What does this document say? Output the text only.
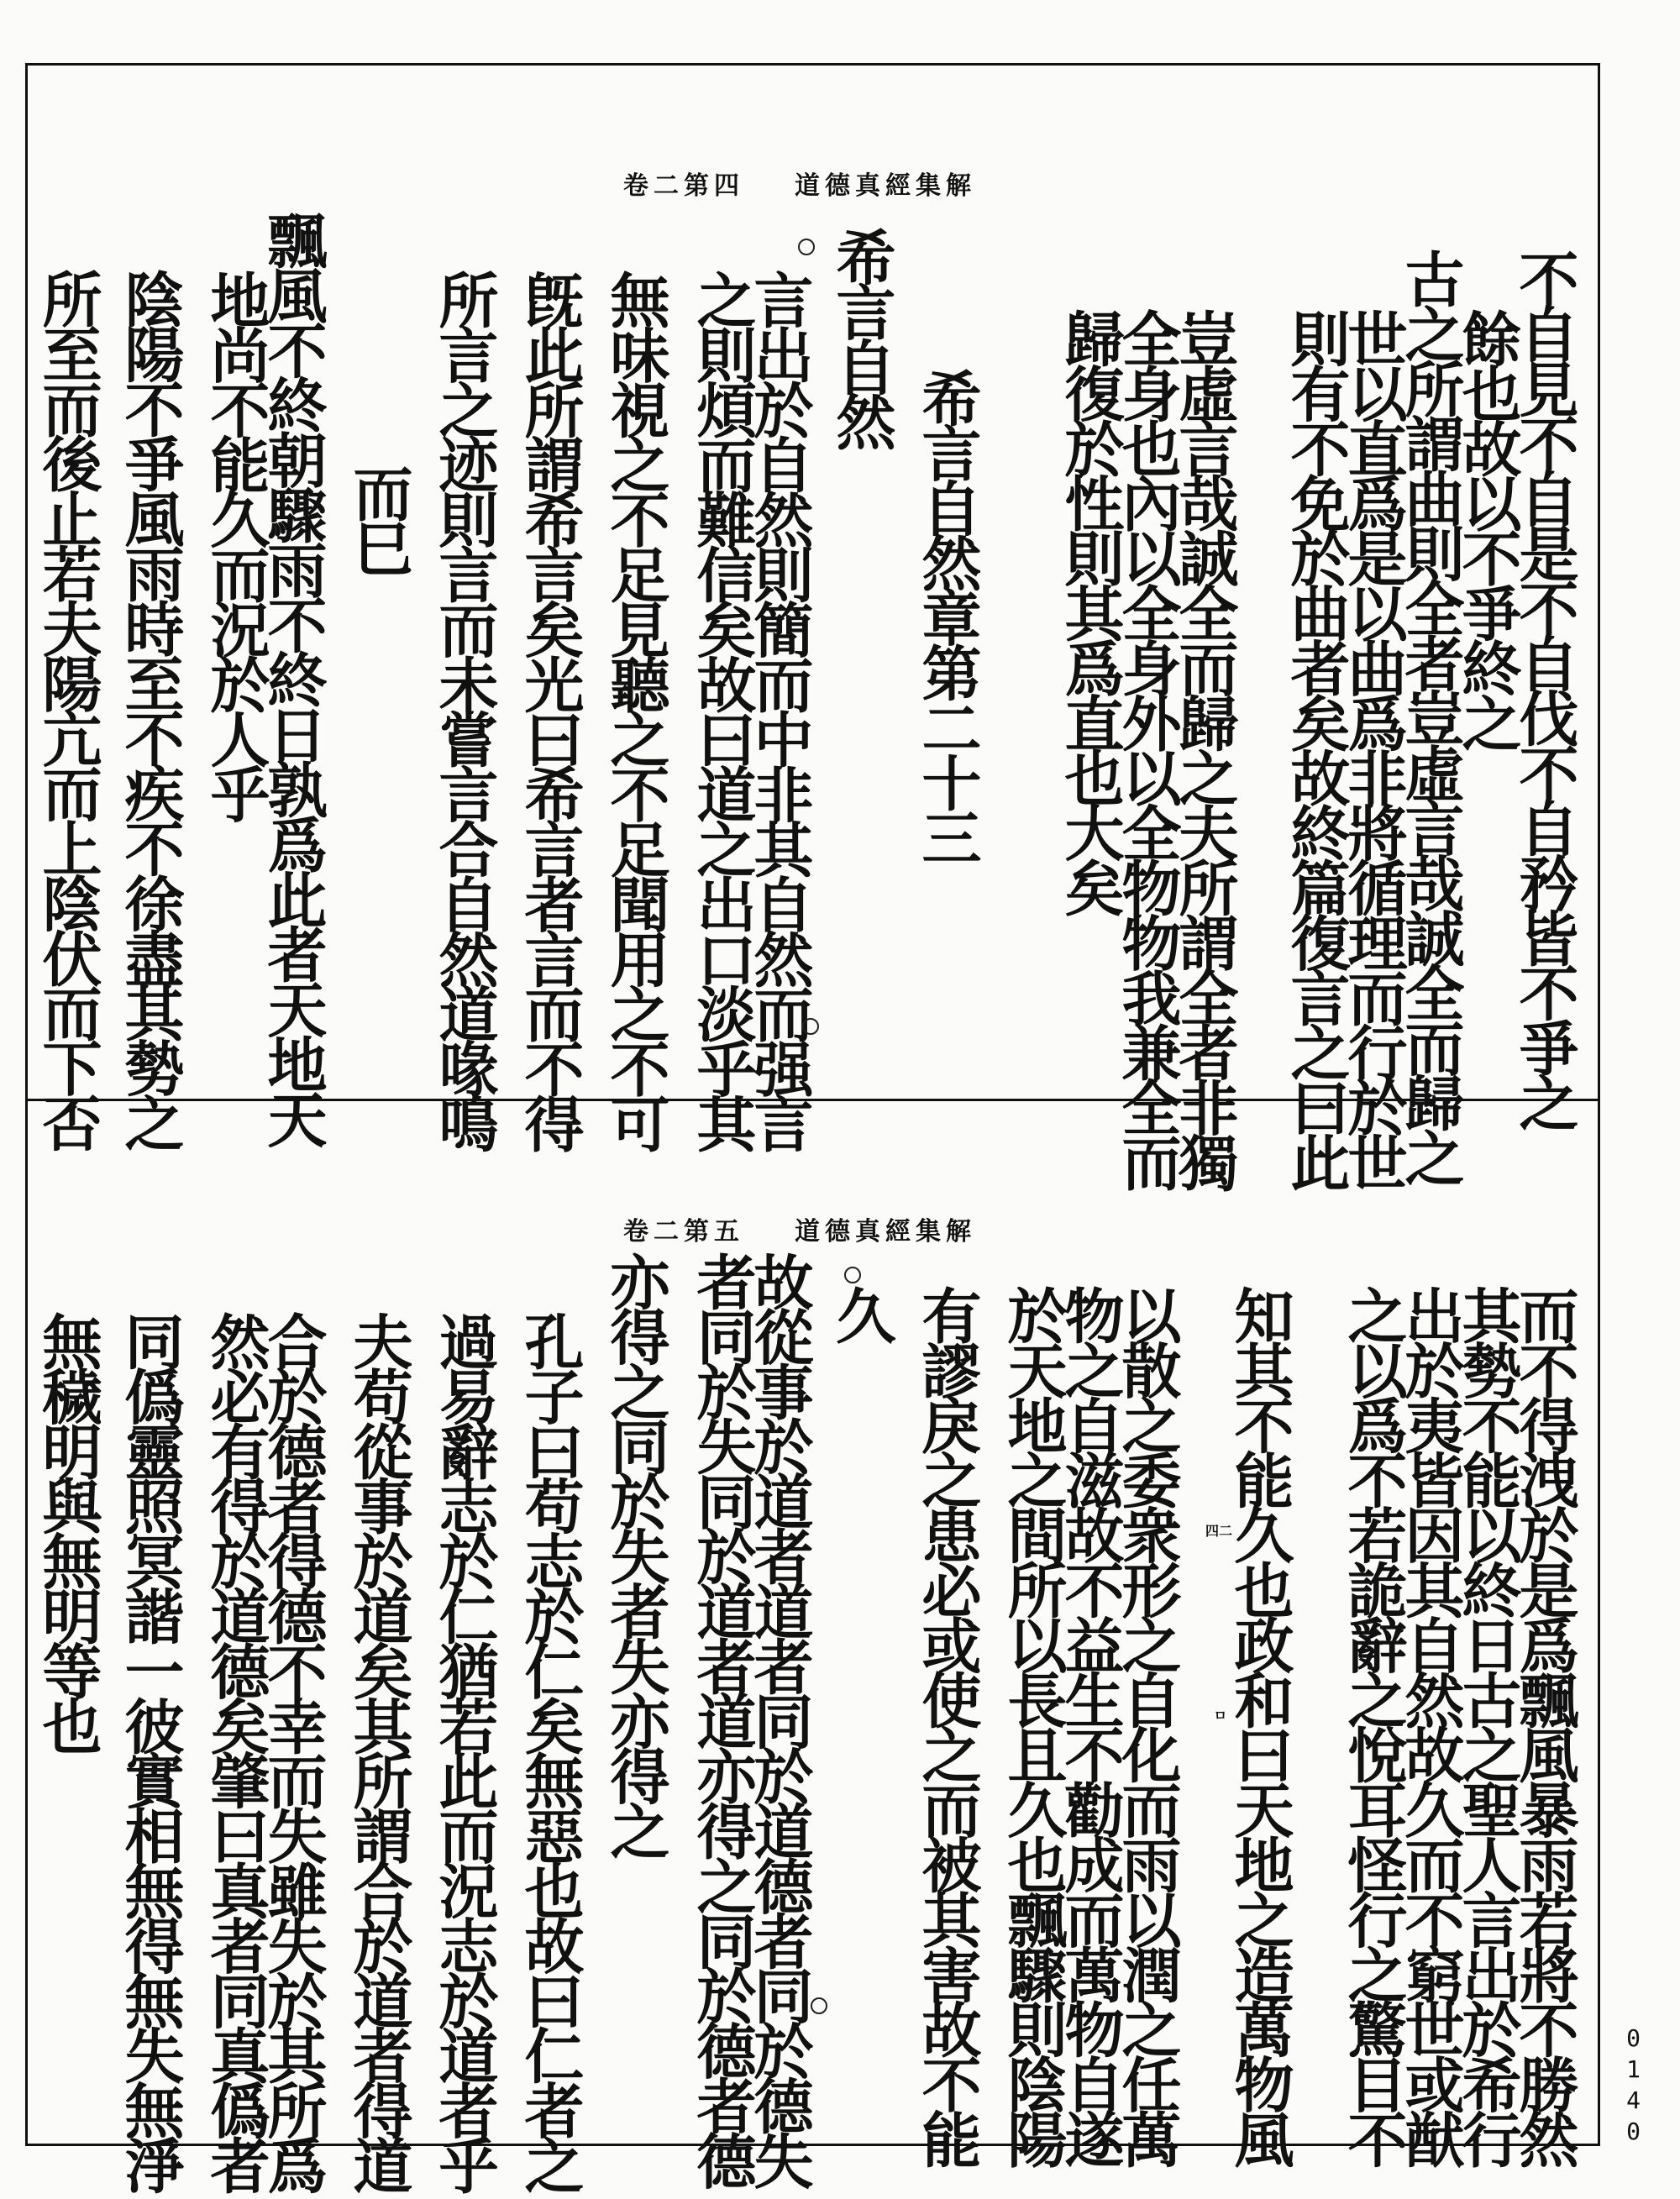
道德真經集解卷二第四
不自見不自是不自伐不自矜皆不爭之
餘也故以不爭終之
古之所謂曲則全者豈虛言哉誠全而歸之
世以直爲是以曲爲非將循理而行於世
則有不免於曲者矣故終篇復言之曰此
豈虛言哉誠全而歸之夫所謂全者非獨
全身也內以全身外以全物物我兼全而
歸復於性則其爲直也大矣
希言自然章第二十三
希言自然
言出於自然則簡而中非其自然而强言
之則煩而難信矣故曰道之出口淡乎其
無味視之不足見聽之不足聞用之不可
旣此所謂希言矣光曰希言者言而不得
所言之迹則言而未嘗言合自然道喙鳴
而巳
飄風不終朝驟雨不終日孰爲此者天地天
地尚不能久而況於人乎
陰陽不爭風雨時至不疾不徐盡其勢之
所至而後止若夫陽亢而上陰伏而下否
道德真經集解卷二第五
而不得洩於是爲飄風暴雨若將不勝然
其勢不能以終日古之聖人言出於希行
出於夷皆因其自然故久而不窮世或猷
之以爲不若詭辭之悅耳怪行之驚目不
知其不能久也政和曰天地之造萬物風
以散之委衆形之自化而雨以潤之任萬
物之自滋故不益生不勸成而萬物自遂
於天地之間所以長且久也飄驟則陰陽
有謬戾之患必或使之而被其害故不能
久
故從事於道者道者同於道德者同於德失
者同於失同於道者道亦得之同於德者德
亦得之同於失者失亦得之
孔子曰苟志於仁矣無惡也故曰仁者之
過易辭志於仁猶若此而況志於道者乎
夫苟從事於道矣其所謂合於道者得道
合於德者得德不幸而失雖失於其所爲
然必有得於道德矣肇曰真者同真僞者
同僞靈照冥諧一彼實相無得無失無淨
無穢明與無明等也	四二
ㅁ
0140
